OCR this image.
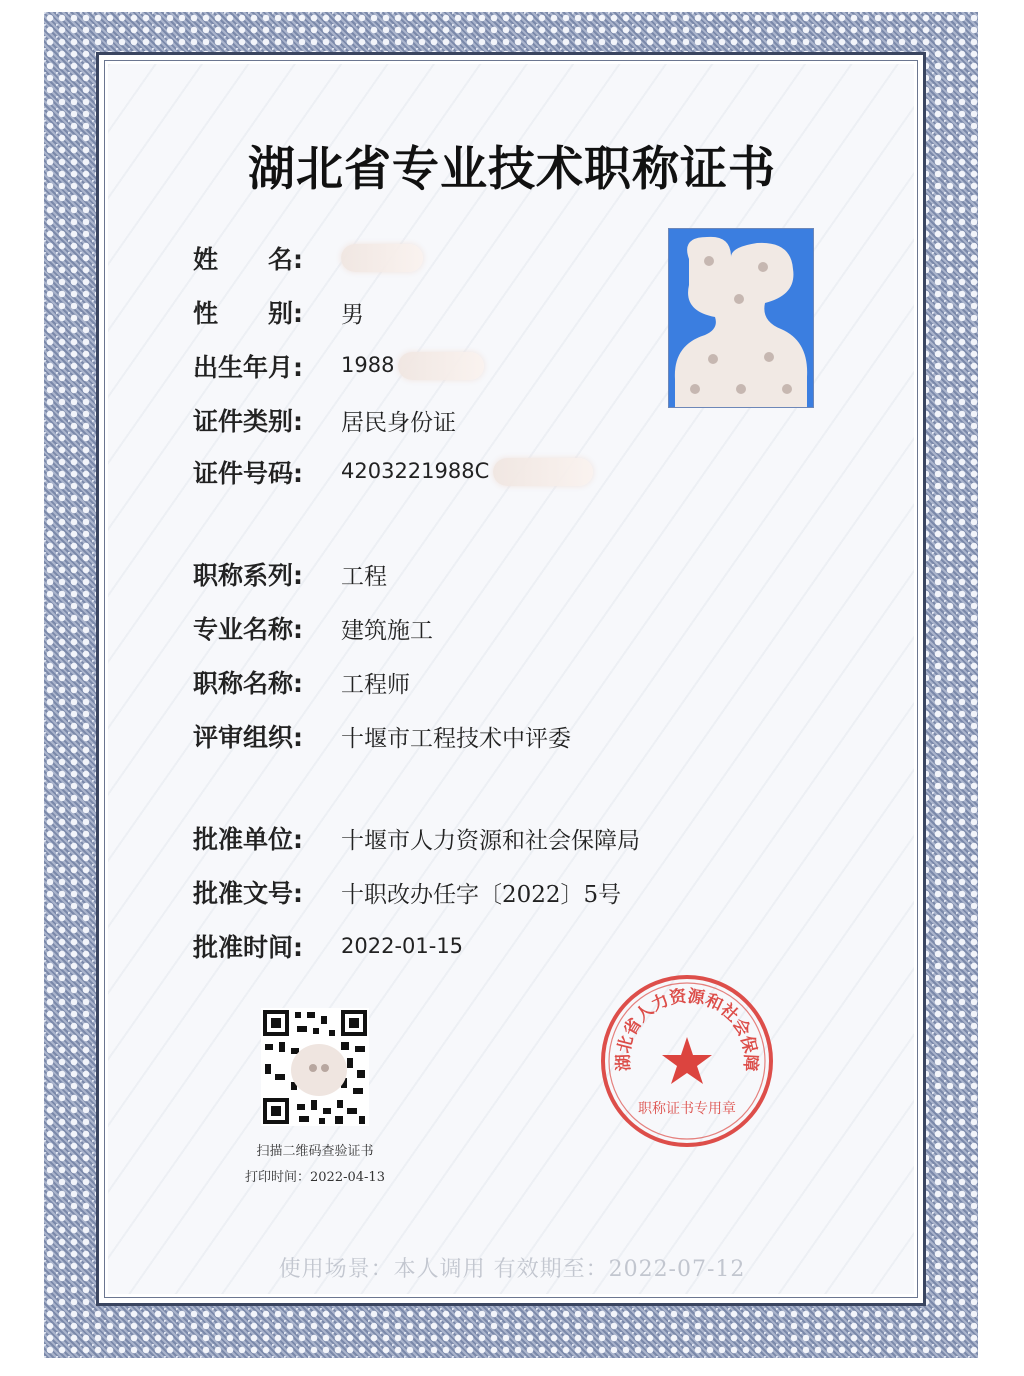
湖北省专业技术职称证书
姓　　名:
性　　别:	男
出生年月:	1988
证件类别:	居民身份证
证件号码:	4203221988C
职称系列:	工程
专业名称:	建筑施工
职称名称:	工程师
评审组织:	十堰市工程技术中评委
批准单位:	十堰市人力资源和社会保障局
批准文号:	十职改办任字〔2022〕5号
批准时间:	2022-01-15
扫描二维码查验证书
打印时间：2022-04-13
湖北省人力资源和社会保障
职称证书专用章
使用场景：本人调用 有效期至：2022-07-12
